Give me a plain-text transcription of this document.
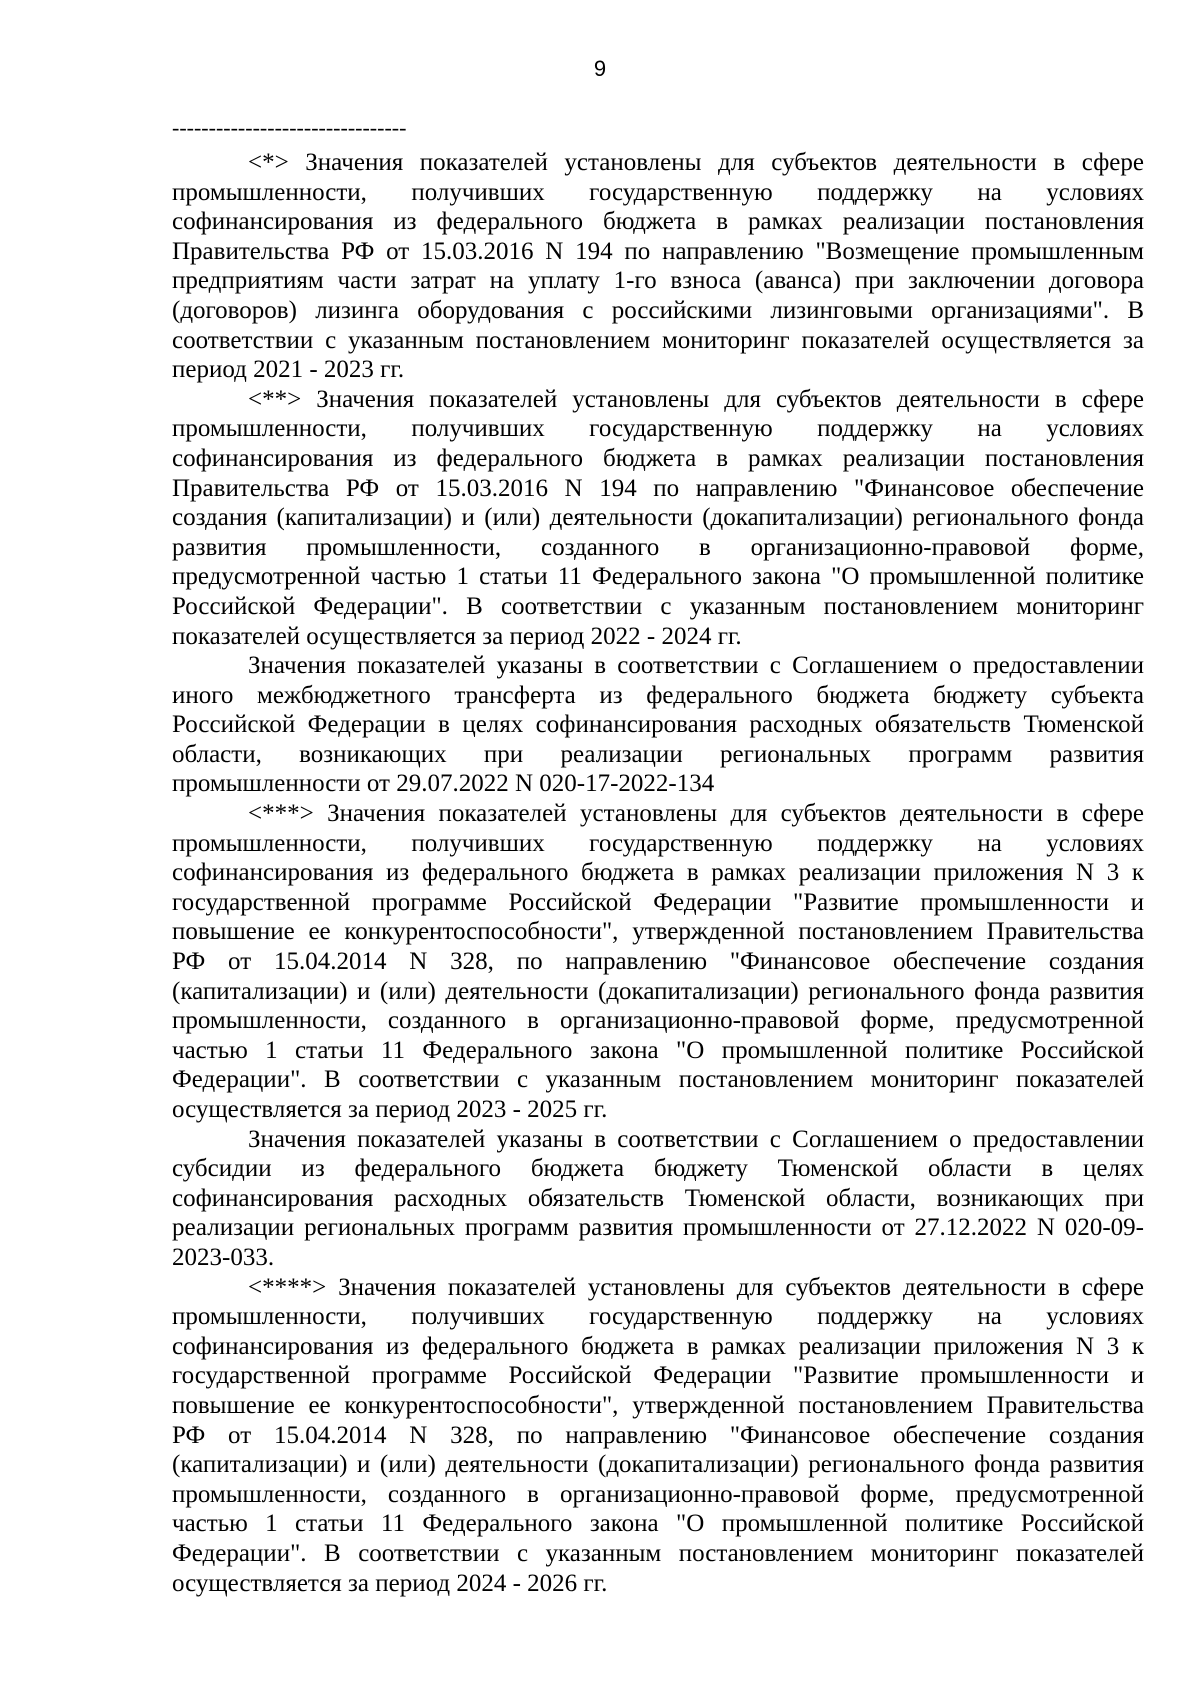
9
--------------------------------

<*> Значения показателей установлены для субъектов деятельности в сфере промышленности, получивших государственную поддержку на условиях софинансирования из федерального бюджета в рамках реализации постановления Правительства РФ от 15.03.2016 N 194 по направлению "Возмещение промышленным предприятиям части затрат на уплату 1-го взноса (аванса) при заключении договора (договоров) лизинга оборудования с российскими лизинговыми организациями". В соответствии с указанным постановлением мониторинг показателей осуществляется за период 2021 - 2023 гг.

<**> Значения показателей установлены для субъектов деятельности в сфере промышленности, получивших государственную поддержку на условиях софинансирования из федерального бюджета в рамках реализации постановления Правительства РФ от 15.03.2016 N 194 по направлению "Финансовое обеспечение создания (капитализации) и (или) деятельности (докапитализации) регионального фонда развития промышленности, созданного в организационно-правовой форме, предусмотренной частью 1 статьи 11 Федерального закона "О промышленной политике Российской Федерации". В соответствии с указанным постановлением мониторинг показателей осуществляется за период 2022 - 2024 гг.

Значения показателей указаны в соответствии с Соглашением о предоставлении иного межбюджетного трансферта из федерального бюджета бюджету субъекта Российской Федерации в целях софинансирования расходных обязательств Тюменской области, возникающих при реализации региональных программ развития промышленности от 29.07.2022 N 020-17-2022-134

<***> Значения показателей установлены для субъектов деятельности в сфере промышленности, получивших государственную поддержку на условиях софинансирования из федерального бюджета в рамках реализации приложения N 3 к государственной программе Российской Федерации "Развитие промышленности и повышение ее конкурентоспособности", утвержденной постановлением Правительства РФ от 15.04.2014 N 328, по направлению "Финансовое обеспечение создания (капитализации) и (или) деятельности (докапитализации) регионального фонда развития промышленности, созданного в организационно-правовой форме, предусмотренной частью 1 статьи 11 Федерального закона "О промышленной политике Российской Федерации". В соответствии с указанным постановлением мониторинг показателей осуществляется за период 2023 - 2025 гг.

Значения показателей указаны в соответствии с Соглашением о предоставлении субсидии из федерального бюджета бюджету Тюменской области в целях софинансирования расходных обязательств Тюменской области, возникающих при реализации региональных программ развития промышленности от 27.12.2022 N 020-09-2023-033.

<****> Значения показателей установлены для субъектов деятельности в сфере промышленности, получивших государственную поддержку на условиях софинансирования из федерального бюджета в рамках реализации приложения N 3 к государственной программе Российской Федерации "Развитие промышленности и повышение ее конкурентоспособности", утвержденной постановлением Правительства РФ от 15.04.2014 N 328, по направлению "Финансовое обеспечение создания (капитализации) и (или) деятельности (докапитализации) регионального фонда развития промышленности, созданного в организационно-правовой форме, предусмотренной частью 1 статьи 11 Федерального закона "О промышленной политике Российской Федерации". В соответствии с указанным постановлением мониторинг показателей осуществляется за период 2024 - 2026 гг.
